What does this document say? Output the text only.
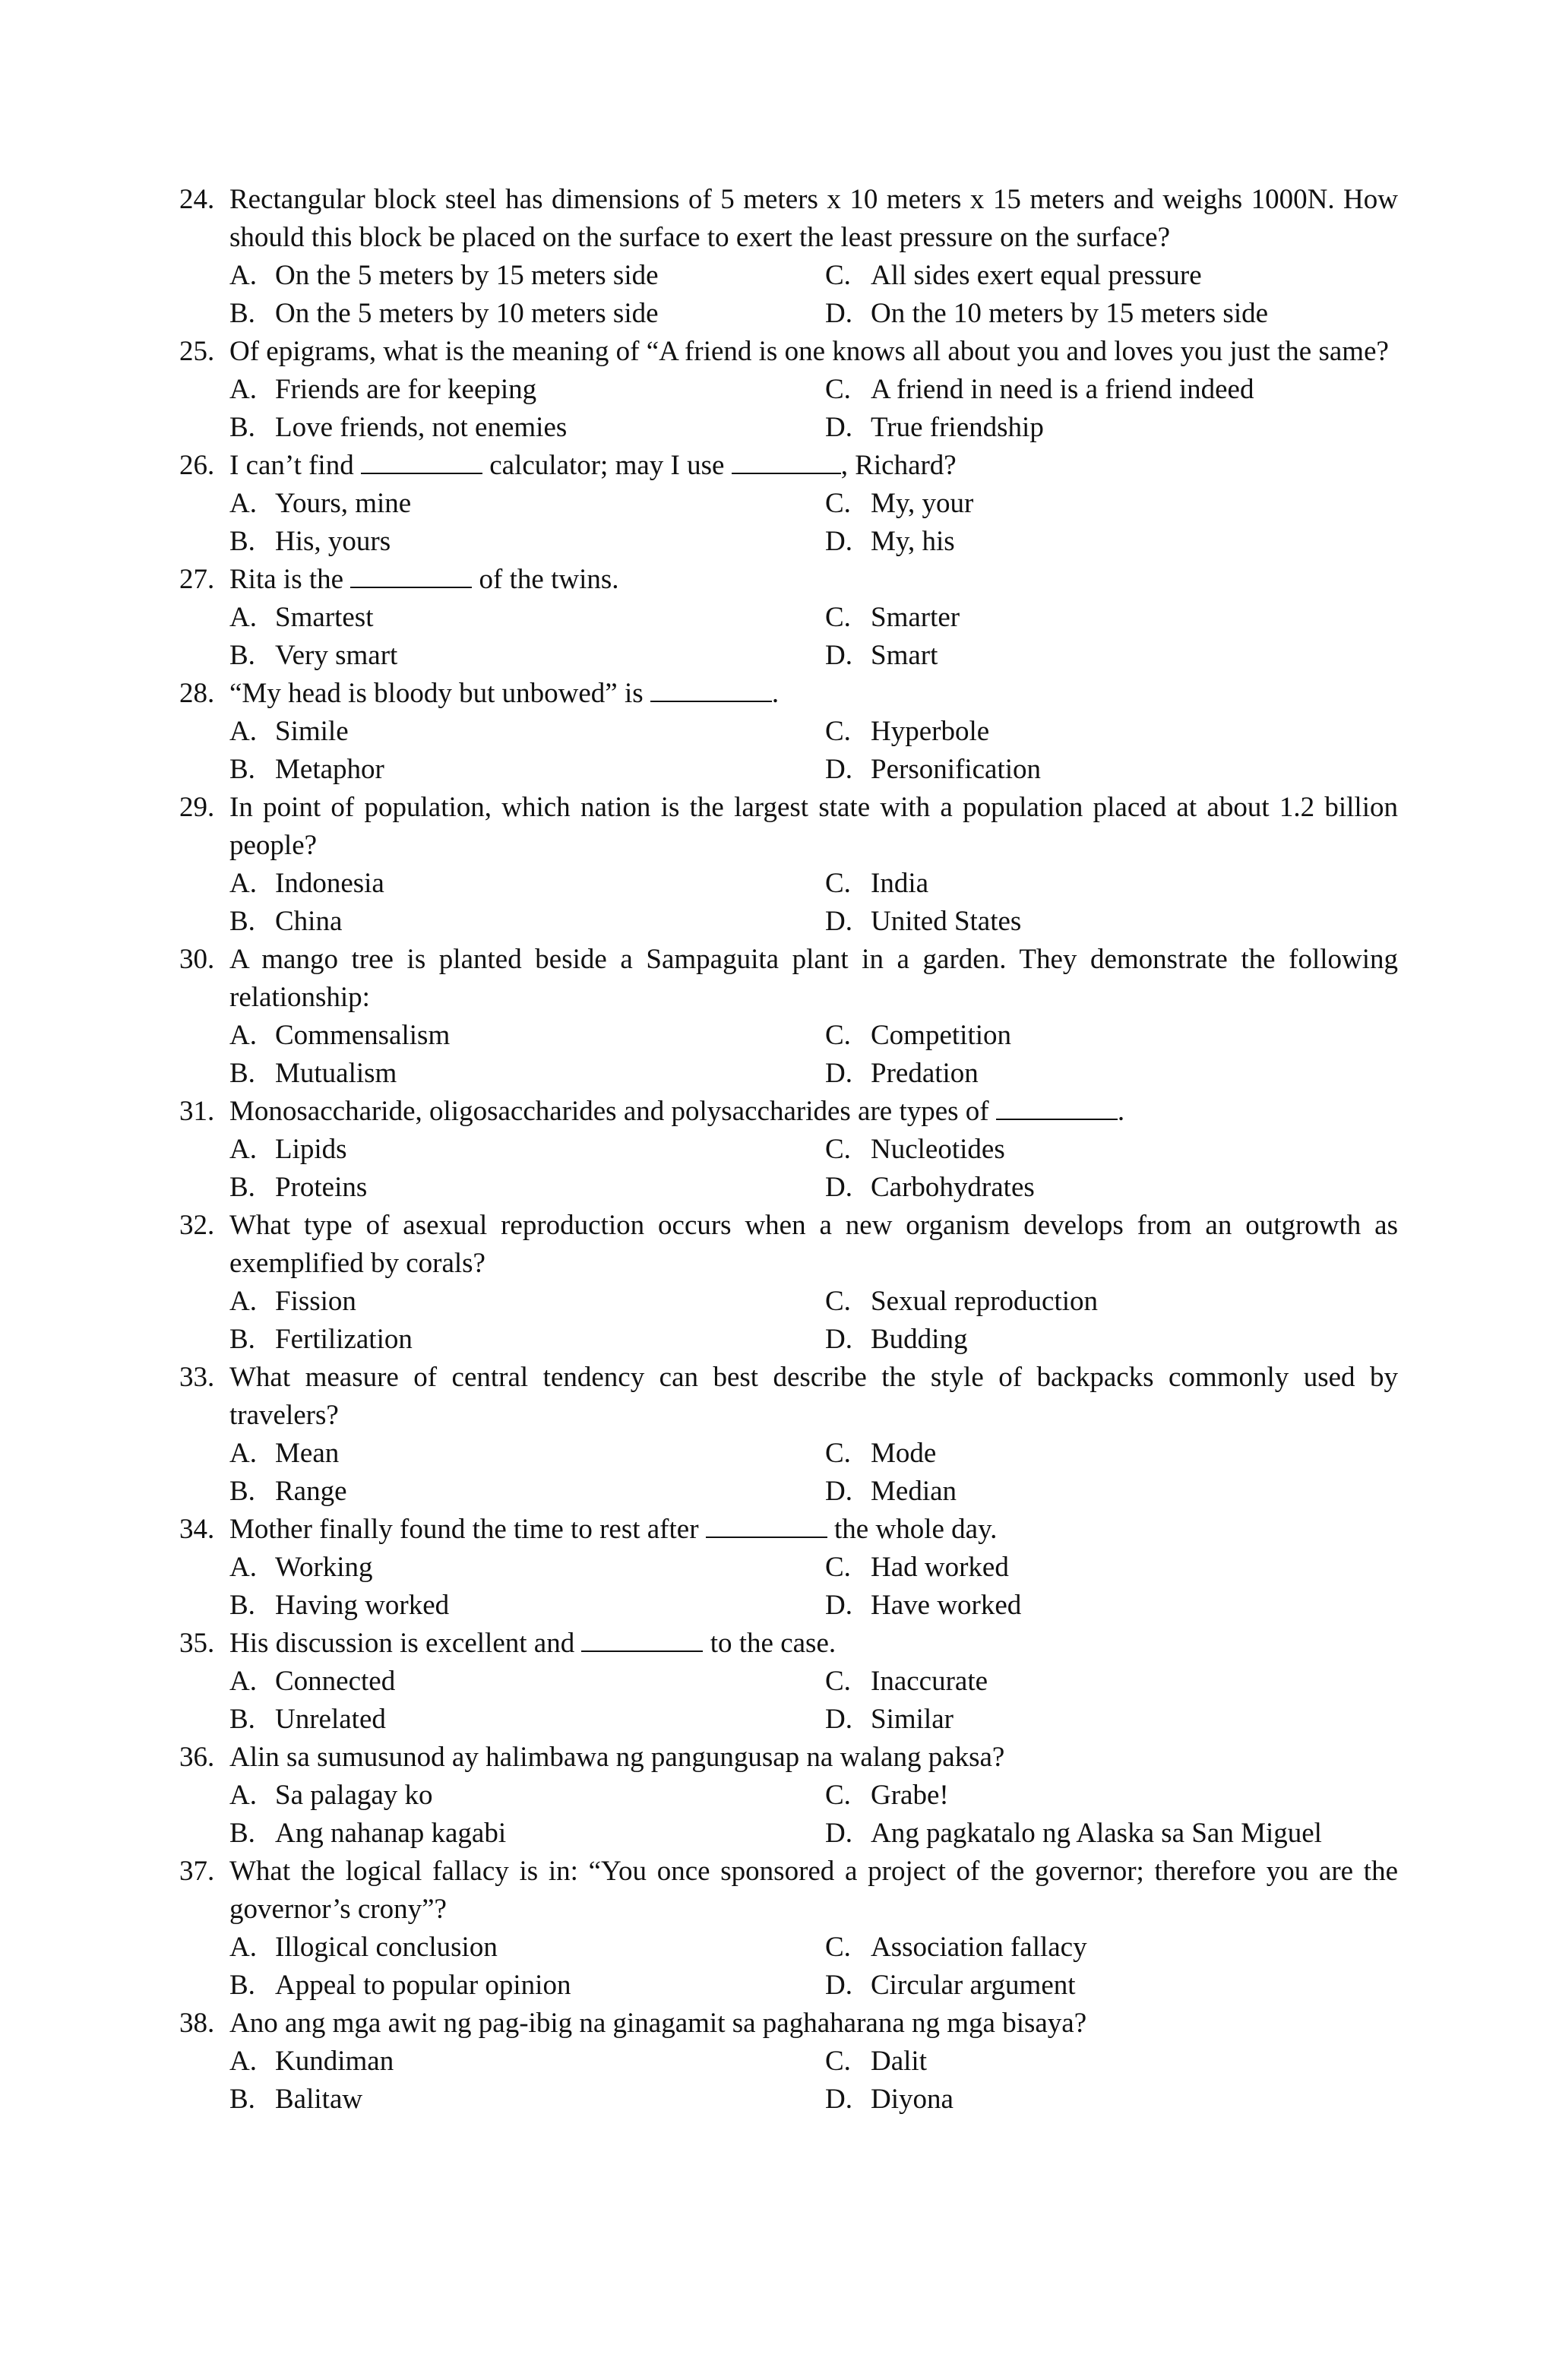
24. Rectangular block steel has dimensions of 5 meters x 10 meters x 15 meters and weighs 1000N. How should this block be placed on the surface to exert the least pressure on the surface?
A. On the 5 meters by 15 meters side	C. All sides exert equal pressure
B. On the 5 meters by 10 meters side	D. On the 10 meters by 15 meters side
25. Of epigrams, what is the meaning of “A friend is one knows all about you and loves you just the same?
A. Friends are for keeping	C. A friend in need is a friend indeed
B. Love friends, not enemies	D. True friendship
26. I can’t find	calculator; may I use	, Richard?
A. Yours, mine	C. My, your
B. His, yours	D. My, his
27. Rita is the	of the twins.
A. Smartest	C. Smarter
B. Very smart	D. Smart
28. “My head is bloody but unbowed” is	.
A. Simile	C. Hyperbole
B. Metaphor	D. Personification
29. In point of population, which nation is the largest state with a population placed at about 1.2 billion people?
A. Indonesia	C. India
B. China	D. United States
30. A mango tree is planted beside a Sampaguita plant in a garden. They demonstrate the following relationship:
A. Commensalism	C. Competition
B. Mutualism	D. Predation
31. Monosaccharide, oligosaccharides and polysaccharides are types of	.
A. Lipids	C. Nucleotides
B. Proteins	D. Carbohydrates
32. What type of asexual reproduction occurs when a new organism develops from an outgrowth as exemplified by corals?
A. Fission	C. Sexual reproduction
B. Fertilization	D. Budding
33. What measure of central tendency can best describe the style of backpacks commonly used by travelers?
A. Mean	C. Mode
B. Range	D. Median
34. Mother finally found the time to rest after	the whole day.
A. Working	C. Had worked
B. Having worked	D. Have worked
35. His discussion is excellent and	to the case.
A. Connected	C. Inaccurate
B. Unrelated	D. Similar
36. Alin sa sumusunod ay halimbawa ng pangungusap na walang paksa?
A. Sa palagay ko	C. Grabe!
B. Ang nahanap kagabi	D. Ang pagkatalo ng Alaska sa San Miguel
37. What the logical fallacy is in: “You once sponsored a project of the governor; therefore you are the governor’s crony”?
A. Illogical conclusion	C. Association fallacy
B. Appeal to popular opinion	D. Circular argument
38. Ano ang mga awit ng pag-ibig na ginagamit sa paghaharana ng mga bisaya?
A. Kundiman	C. Dalit
B. Balitaw	D. Diyona
